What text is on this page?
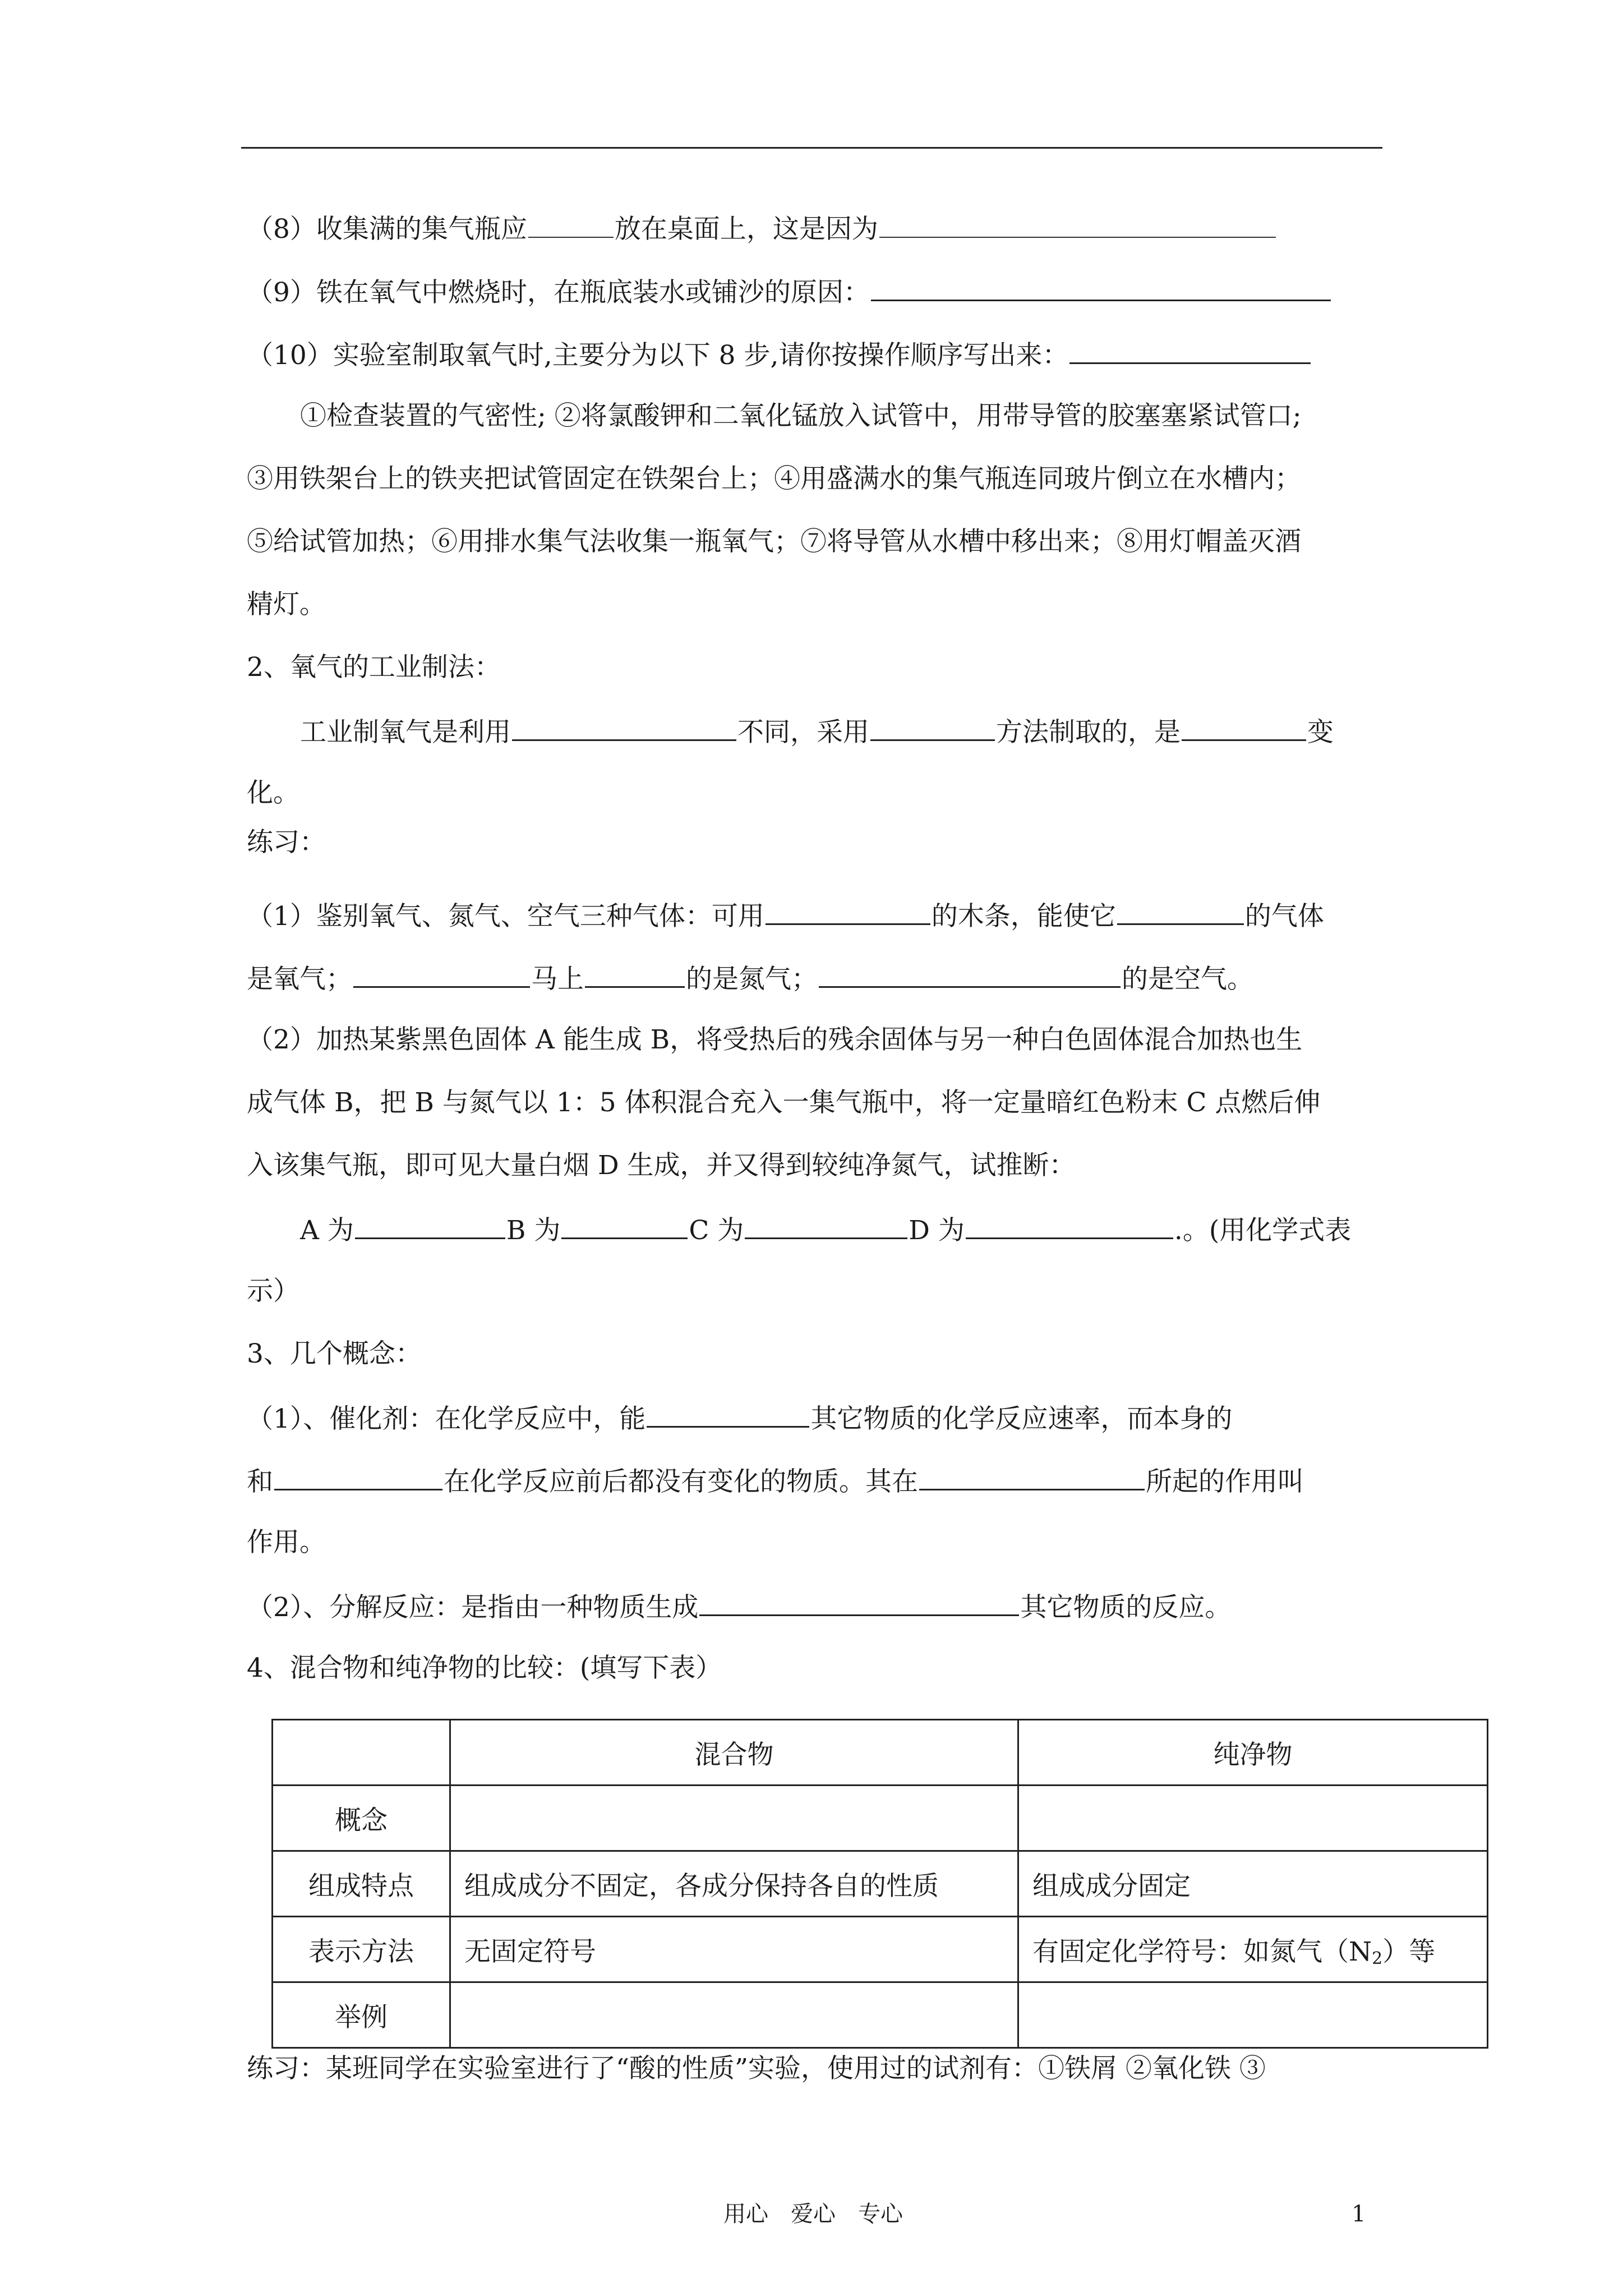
（8）收集满的集气瓶应	放在桌面上，这是因为
（9）铁在氧气中燃烧时，在瓶底装水或铺沙的原因：
（10）实验室制取氧气时,主要分为以下 8 步,请你按操作顺序写出来：
①检查装置的气密性; ②将氯酸钾和二氧化锰放入试管中，用带导管的胶塞塞紧试管口;
③用铁架台上的铁夹把试管固定在铁架台上；④用盛满水的集气瓶连同玻片倒立在水槽内；
⑤给试管加热；⑥用排水集气法收集一瓶氧气；⑦将导管从水槽中移出来；⑧用灯帽盖灭酒
精灯。
2、氧气的工业制法：
工业制氧气是利用	不同，采用	方法制取的，是	变
化。
练习：
（1）鉴别氧气、氮气、空气三种气体：可用	的木条，能使它	的气体
是氧气；	马上	的是氮气；	的是空气。
（2）加热某紫黑色固体 A 能生成 B，将受热后的残余固体与另一种白色固体混合加热也生
成气体 B，把 B 与氮气以 1：5 体积混合充入一集气瓶中，将一定量暗红色粉末 C 点燃后伸
入该集气瓶，即可见大量白烟 D 生成，并又得到较纯净氮气，试推断：
A 为	B 为	C 为	D 为	.。(用化学式表
示）
3、几个概念：
（1）、催化剂：在化学反应中，能	其它物质的化学反应速率，而本身的
和	在化学反应前后都没有变化的物质。其在	所起的作用叫
作用。
（2）、分解反应：是指由一种物质生成	其它物质的反应。
4、混合物和纯净物的比较：(填写下表）
	混合物	纯净物
概念		
组成特点	组成成分不固定，各成分保持各自的性质	组成成分固定
表示方法	无固定符号	有固定化学符号：如氮气$(N_2)$等
举例		
练习：某班同学在实验室进行了“酸的性质”实验，使用过的试剂有：①铁屑 ②氧化铁 ③
用心　爱心　专心	1
